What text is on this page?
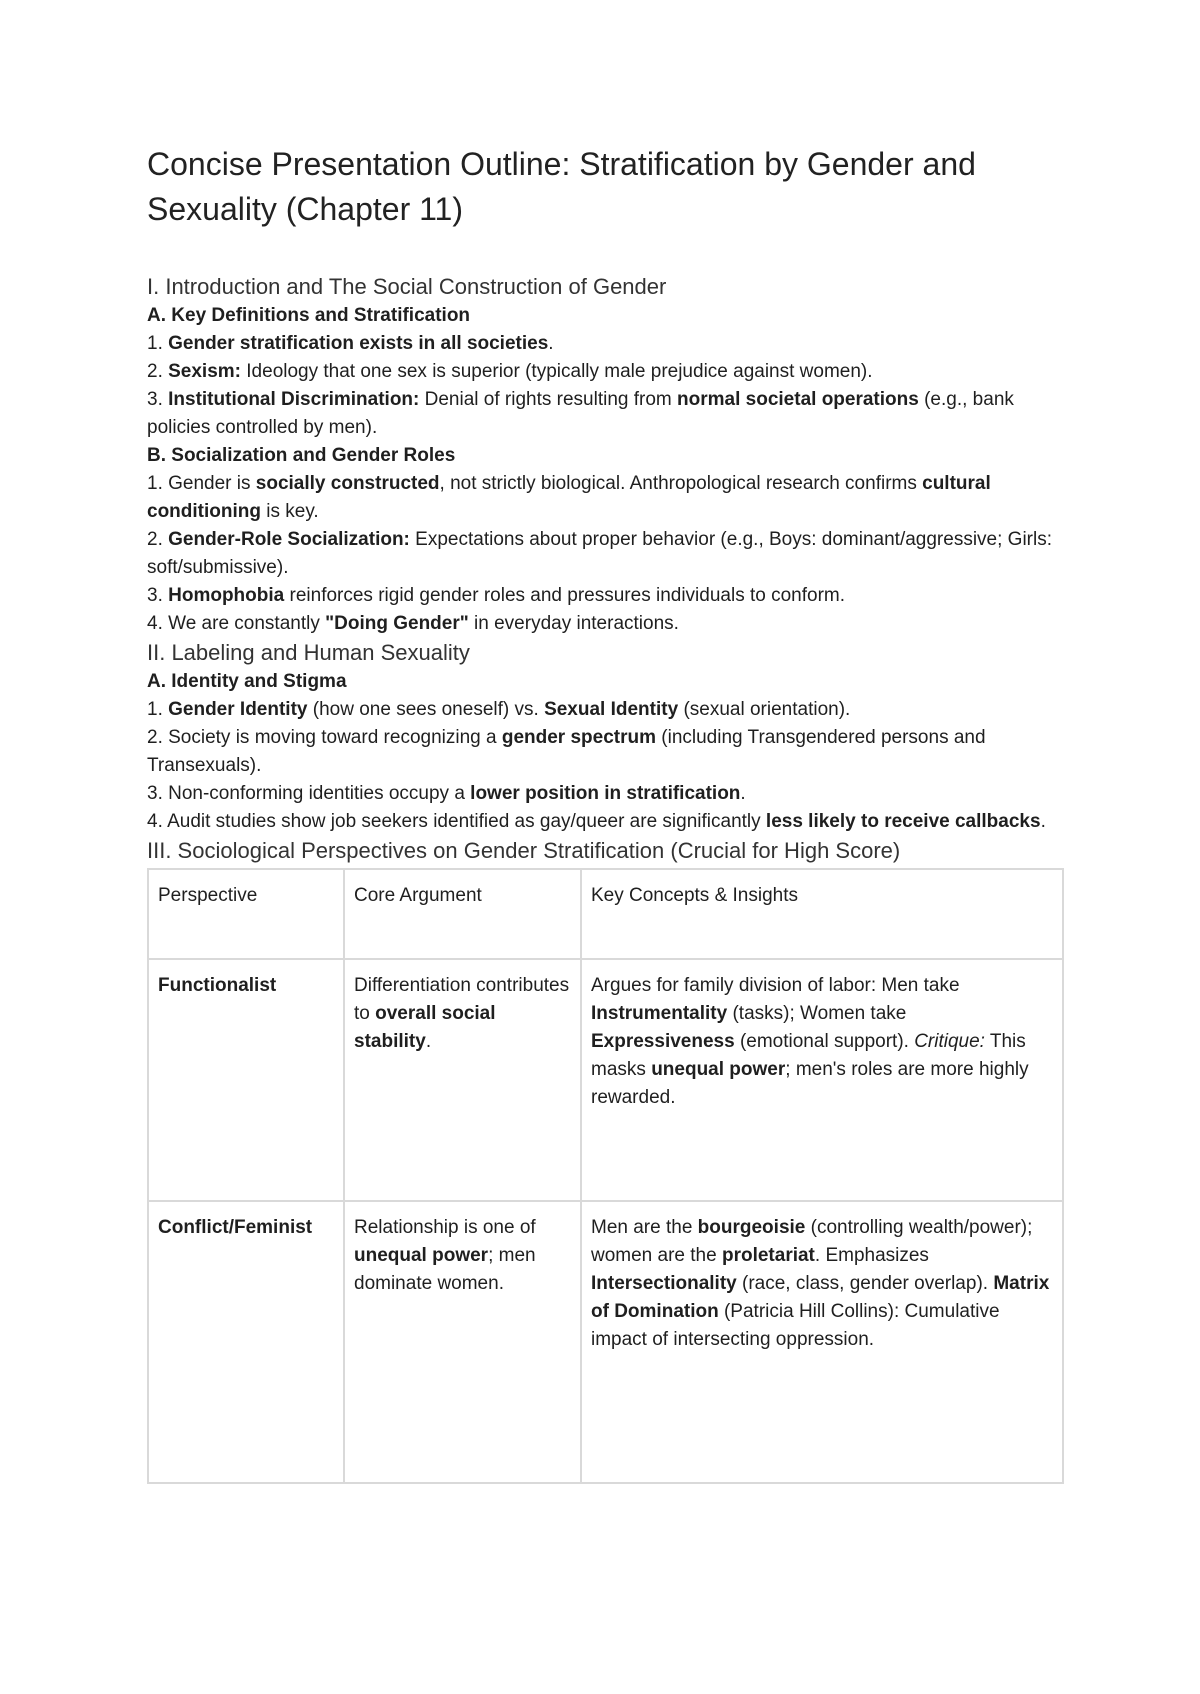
Concise Presentation Outline: Stratification by Gender and Sexuality (Chapter 11)

I. Introduction and The Social Construction of Gender

A. Key Definitions and Stratification

1. Gender stratification exists in all societies.

2. Sexism: Ideology that one sex is superior (typically male prejudice against women).

3. Institutional Discrimination: Denial of rights resulting from normal societal operations (e.g., bank policies controlled by men).

B. Socialization and Gender Roles

1. Gender is socially constructed, not strictly biological. Anthropological research confirms cultural conditioning is key.

2. Gender-Role Socialization: Expectations about proper behavior (e.g., Boys: dominant/aggressive; Girls: soft/submissive).

3. Homophobia reinforces rigid gender roles and pressures individuals to conform.

4. We are constantly "Doing Gender" in everyday interactions.

II. Labeling and Human Sexuality

A. Identity and Stigma

1. Gender Identity (how one sees oneself) vs. Sexual Identity (sexual orientation).

2. Society is moving toward recognizing a gender spectrum (including Transgendered persons and Transexuals).

3. Non-conforming identities occupy a lower position in stratification.

4. Audit studies show job seekers identified as gay/queer are significantly less likely to receive callbacks.

III. Sociological Perspectives on Gender Stratification (Crucial for High Score)

Perspective	Core Argument	Key Concepts & Insights
Functionalist	Differentiation contributes to overall social stability.	Argues for family division of labor: Men take Instrumentality (tasks); Women take Expressiveness (emotional support). Critique: This masks unequal power; men's roles are more highly rewarded.
Conflict/Feminist	Relationship is one of unequal power; men dominate women.	Men are the bourgeoisie (controlling wealth/power); women are the proletariat. Emphasizes Intersectionality (race, class, gender overlap). Matrix of Domination (Patricia Hill Collins): Cumulative impact of intersecting oppression.
